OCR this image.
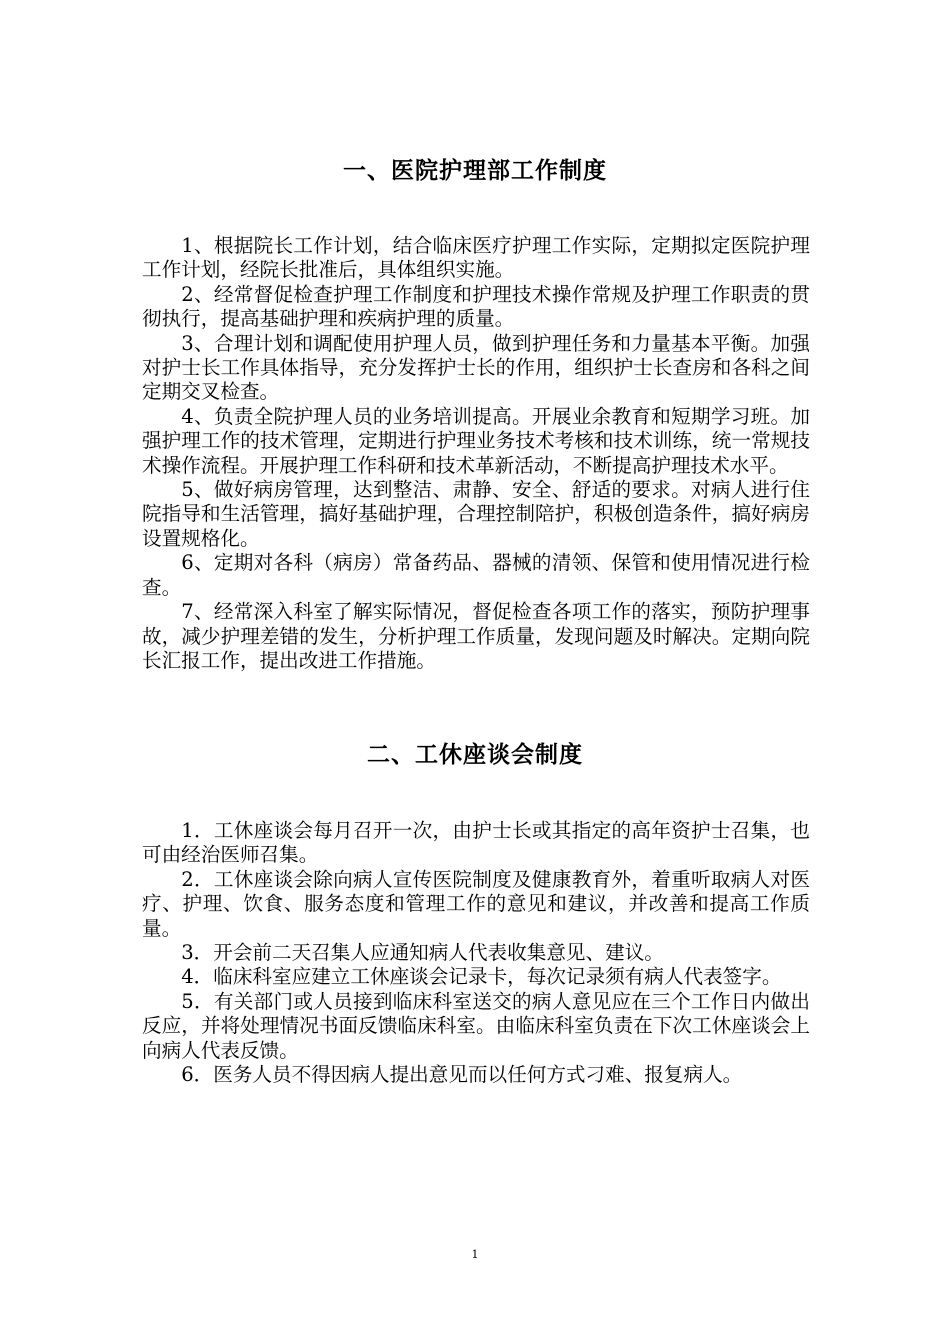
一、医院护理部工作制度

1、根据院长工作计划，结合临床医疗护理工作实际，定期拟定医院护理工作计划，经院长批准后，具体组织实施。

2、经常督促检查护理工作制度和护理技术操作常规及护理工作职责的贯彻执行，提高基础护理和疾病护理的质量。

3、合理计划和调配使用护理人员，做到护理任务和力量基本平衡。加强对护士长工作具体指导，充分发挥护士长的作用，组织护士长查房和各科之间定期交叉检查。

4、负责全院护理人员的业务培训提高。开展业余教育和短期学习班。加强护理工作的技术管理，定期进行护理业务技术考核和技术训练，统一常规技术操作流程。开展护理工作科研和技术革新活动，不断提高护理技术水平。

5、做好病房管理，达到整洁、肃静、安全、舒适的要求。对病人进行住院指导和生活管理，搞好基础护理，合理控制陪护，积极创造条件，搞好病房设置规格化。

6、定期对各科（病房）常备药品、器械的清领、保管和使用情况进行检查。

7、经常深入科室了解实际情况，督促检查各项工作的落实，预防护理事故，减少护理差错的发生，分析护理工作质量，发现问题及时解决。定期向院长汇报工作，提出改进工作措施。

二、工休座谈会制度

1．工休座谈会每月召开一次，由护士长或其指定的高年资护士召集，也可由经治医师召集。

2．工休座谈会除向病人宣传医院制度及健康教育外，着重听取病人对医疗、护理、饮食、服务态度和管理工作的意见和建议，并改善和提高工作质量。

3．开会前二天召集人应通知病人代表收集意见、建议。

4．临床科室应建立工休座谈会记录卡，每次记录须有病人代表签字。

5．有关部门或人员接到临床科室送交的病人意见应在三个工作日内做出反应，并将处理情况书面反馈临床科室。由临床科室负责在下次工休座谈会上向病人代表反馈。

6．医务人员不得因病人提出意见而以任何方式刁难、报复病人。

1
